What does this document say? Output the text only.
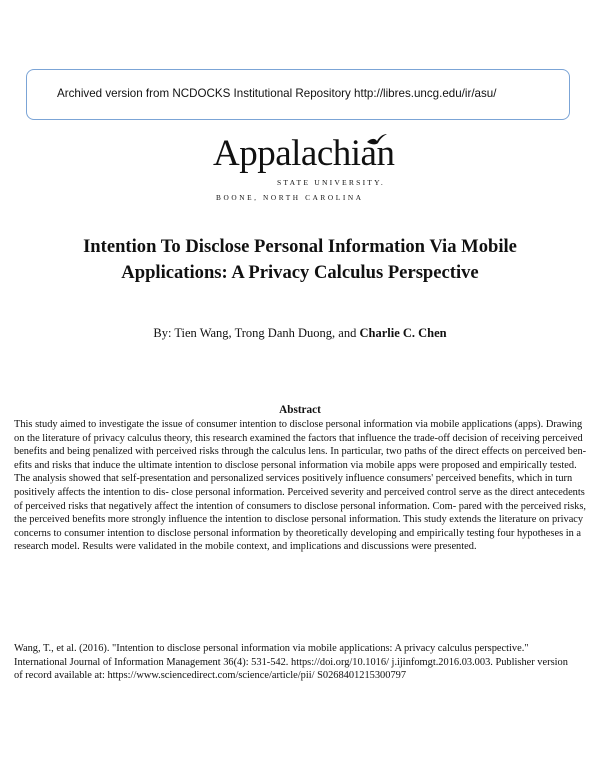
Archived version from NCDOCKS Institutional Repository http://libres.uncg.edu/ir/asu/
Appalachian
STATE UNIVERSITY.
BOONE, NORTH CAROLINA
Intention To Disclose Personal Information Via Mobile Applications: A Privacy Calculus Perspective
By: Tien Wang, Trong Danh Duong, and Charlie C. Chen
Abstract
This study aimed to investigate the issue of consumer intention to disclose personal information via mobile applications (apps). Drawing on the literature of privacy calculus theory, this research examined the factors that influence the trade-off decision of receiving perceived benefits and being penalized with perceived risks through the calculus lens. In particular, two paths of the direct effects on perceived ben- efits and risks that induce the ultimate intention to disclose personal information via mobile apps were proposed and empirically tested. The analysis showed that self-presentation and personalized services positively influence consumers' perceived benefits, which in turn positively affects the intention to dis- close personal information. Perceived severity and perceived control serve as the direct antecedents of perceived risks that negatively affect the intention of consumers to disclose personal information. Com- pared with the perceived risks, the perceived benefits more strongly influence the intention to disclose personal information. This study extends the literature on privacy concerns to consumer intention to disclose personal information by theoretically developing and empirically testing four hypotheses in a research model. Results were validated in the mobile context, and implications and discussions were presented.
Wang, T., et al. (2016). "Intention to disclose personal information via mobile applications: A privacy calculus perspective." International Journal of Information Management 36(4): 531-542. https://doi.org/10.1016/ j.ijinfomgt.2016.03.003. Publisher version of record available at: https://www.sciencedirect.com/science/article/pii/ S0268401215300797
